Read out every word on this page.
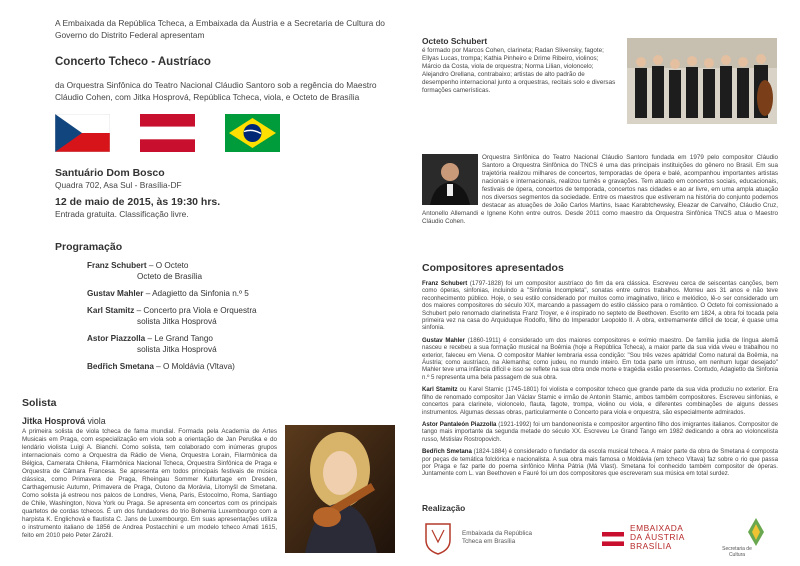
A Embaixada da República Tcheca, a Embaixada da Áustria e a Secretaria de Cultura do Governo do Distrito Federal apresentam

Concerto Tcheco - Austríaco

da Orquestra Sinfônica do Teatro Nacional Cláudio Santoro sob a regência do Maestro Cláudio Cohen, com Jitka Hosprová, República Tcheca, viola, e Octeto de Brasília

Santuário Dom Bosco

Quadra 702, Asa Sul - Brasília-DF

12 de maio de 2015, às 19:30 hrs.

Entrada gratuita. Classificação livre.

Programação
Franz Schubert – O Octeto
Octeto de Brasília
Gustav Mahler – Adagietto da Sinfonia n.º 5
Karl Stamitz – Concerto pra Viola e Orquestra
solista Jitka Hosprová
Astor Piazzolla – Le Grand Tango
solista Jitka Hosprová
Bedřich Smetana – O Moldávia (Vltava)
Solista

Jitka Hosprová viola

A primeira solista de viola tcheca de fama mundial. Formada pela Academia de Artes Musicais em Praga, com especialização em viola sob a orientação de Jan Peruška e do lendário violista Luigi A. Bianchi. Como solista, tem colaborado com inúmeras grupos internacionais como a Orquestra da Rádio de Viena, Orquestra Lorain, Filarmônica da Bélgica, Camerata Chilena, Filarmônica Nacional Tcheca, Orquestra Sinfônica de Praga e Orquestra de Câmara Francesa. Se apresenta em todos principais festivais de música clássica, como Primavera de Praga, Rheingau Sommer Kulturtage em Dresden, Carthagemusic Autumn, Primavera de Praga, Outono da Morávia, Litomyšl de Smetana. Como solista já estreou nos palcos de Londres, Viena, Paris, Estocolmo, Roma, Santiago de Chile, Washington, Nova York ou Praga. Se apresenta em concertos com os principais quartetos de cordas tchecos. É um dos fundadores do trio Bohemia Luxembourgo com a harpista K. Englichová e flautista C. Jans de Luxembourgo. Em suas apresentações utiliza o instrumento italiano de 1856 de Andrea Postacchini e um modelo tcheco Amati 1615, feito em 2010 pelo Peter Zárožil.

Octeto Schubert

é formado por Marcos Cohen, clarineta; Radan Slivensky, fagote; Ellyas Lucas, trompa; Kathia Pinheiro e Drime Ribeiro, violinos; Márcio da Costa, viola de orquestra; Norma Lilian, violoncelo; Alejandro Orellana, contrabaixo; artistas de alto padrão de desempenho internacional junto a orquestras, recitais solo e diversas formações camerísticas.

Orquestra Sinfônica do Teatro Nacional Cláudio Santoro fundada em 1979 pelo compositor Cláudio Santoro a Orquestra Sinfônica do TNCS é uma das principais instituições do gênero no Brasil. Em sua trajetória realizou milhares de concertos, temporadas de ópera e balé, acompanhou importantes artistas nacionais e internacionais, realizou turnês e gravações. Tem atuado em concertos sociais, educacionais, festivais de ópera, concertos de temporada, concertos nas cidades e ao ar livre, em uma ampla atuação nos diversos segmentos da sociedade. Entre os maestros que estiveram na história do conjunto podemos destacar as atuações de João Carlos Martins, Isaac Karabtchewsky, Eleazar de Carvalho, Cláudio Cruz, Antonello Allemandi e Ignene Kohn entre outros. Desde 2011 como maestro da Orquestra Sinfônica TNCS atua o Maestro Cláudio Cohen.

Compositores apresentados

Franz Schubert (1797-1828) foi um compositor austríaco do fim da era clássica. Escreveu cerca de seiscentas canções, bem como óperas, sinfonias, incluindo a "Sinfonia Incompleta", sonatas entre outros trabalhos. Morreu aos 31 anos e não teve reconhecimento público. Hoje, o seu estilo considerado por muitos como imaginativo, lírico e melódico, lê-o ser considerado um dos maiores compositores do século XIX, marcando a passagem do estilo clássico para o romântico. O Octeto foi comissionado a Schubert pelo renomado clarinetista Franz Troyer, e é inspirado no septeto de Beethoven. Escrito em 1824, a obra foi tocada pela primeira vez na casa do Arquiduque Rodolfo, filho do Imperador Leopoldo II. A obra, extremamente difícil de tocar, é quase uma sinfonia.

Gustav Mahler (1860-1911) é considerado um dos maiores compositores e exímio maestro. De família judia de língua alemã nasceu e recebeu a sua formação musical na Boêmia (hoje a República Tcheca), a maior parte da sua vida viveu e trabalhou no exterior, faleceu em Viena. O compositor Mahler lembraria essa condição: "Sou três vezes apátrida! Como natural da Boêmia, na Áustria; como austríaco, na Alemanha; como judeu, no mundo inteiro. Em toda parte um intruso, em nenhum lugar desejado" Mahler teve uma infância difícil e isso se reflete na sua obra onde morte e tragédia estão presentes. Contudo, Adagietto da Sinfonia n.º 5 representa uma bela passagem de sua obra.

Karl Stamitz ou Karel Stamic (1745-1801) foi violista e compositor tcheco que grande parte da sua vida produziu no exterior. Era filho de renomado compositor Jan Václav Stamic e irmão de Antonín Stamic, ambos também compositores. Escreveu sinfonias, e concertos para clarinete, violoncelo, flauta, fagote, trompa, violino ou viola, e diferentes combinações de alguns desses instrumentos. Algumas dessas obras, particularmente o Concerto para viola e orquestra, são especialmente admirados.

Astor Pantaleón Piazzolla (1921-1992) foi um bandoneonista e compositor argentino filho dos imigrantes italianos. Compositor de tango mais importante da segunda metade do século XX. Escreveu Le Grand Tango em 1982 dedicando a obra ao violoncelista russo, Mstislav Rostropovich.

Bedřich Smetana (1824-1884) é considerado o fundador da escola musical tcheca. A maior parte da obra de Smetana é composta por peças de temática folclórica e nacionalista. A sua obra mais famosa o Moldávia (em tcheco Vltava) faz sobre o rio que passa por Praga e faz parte do poema sinfônico Minha Pátria (Má Vlast). Smetana foi conhecido também compositor de óperas. Juntamente com L. van Beethoven e Fauré foi um dos compositores que escreveram sua música em total surdez.

Realização
Embaixada da República Tcheca em Brasília
EMBAIXADA
DA ÁUSTRIA
BRASÍLIA	Secretaria de Cultura
